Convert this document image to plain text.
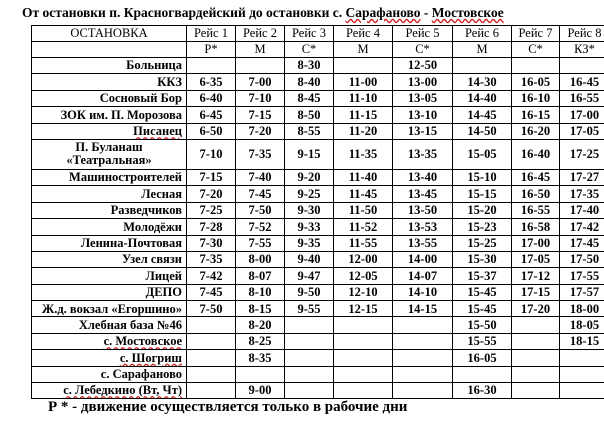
От остановки п. Красногвардейский до остановки с. Сарафаново - Мостовское
ОСТАНОВКА	Рейс 1	Рейс 2	Рейс 3	Рейс 4	Рейс 5	Рейс 6	Рейс 7	Рейс 8
	Р*	М	С*	М	С*	М	С*	КЗ*
Больница			8-30		12-50			
ККЗ	6-35	7-00	8-40	11-00	13-00	14-30	16-05	16-45
Сосновый Бор	6-40	7-10	8-45	11-10	13-05	14-40	16-10	16-55
ЗОК им. П. Морозова	6-45	7-15	8-50	11-15	13-10	14-45	16-15	17-00
Писанец	6-50	7-20	8-55	11-20	13-15	14-50	16-20	17-05
П. Буланаш
«Театральная»	7-10	7-35	9-15	11-35	13-35	15-05	16-40	17-25
Машиностроителей	7-15	7-40	9-20	11-40	13-40	15-10	16-45	17-27
Лесная	7-20	7-45	9-25	11-45	13-45	15-15	16-50	17-35
Разведчиков	7-25	7-50	9-30	11-50	13-50	15-20	16-55	17-40
Молодёжи	7-28	7-52	9-33	11-52	13-53	15-23	16-58	17-42
Ленина-Почтовая	7-30	7-55	9-35	11-55	13-55	15-25	17-00	17-45
Узел связи	7-35	8-00	9-40	12-00	14-00	15-30	17-05	17-50
Лицей	7-42	8-07	9-47	12-05	14-07	15-37	17-12	17-55
ДЕПО	7-45	8-10	9-50	12-10	14-10	15-45	17-15	17-57
Ж.д. вокзал «Егоршино»	7-50	8-15	9-55	12-15	14-15	15-45	17-20	18-00
Хлебная база №46		8-20				15-50		18-05
с. Мостовское		8-25				15-55		18-15
с. Шогриш		8-35				16-05		
с. Сарафаново								
с. Лебедкино (Вт, Чт)		9-00				16-30		
Р * - движение осуществляется только в рабочие дни
